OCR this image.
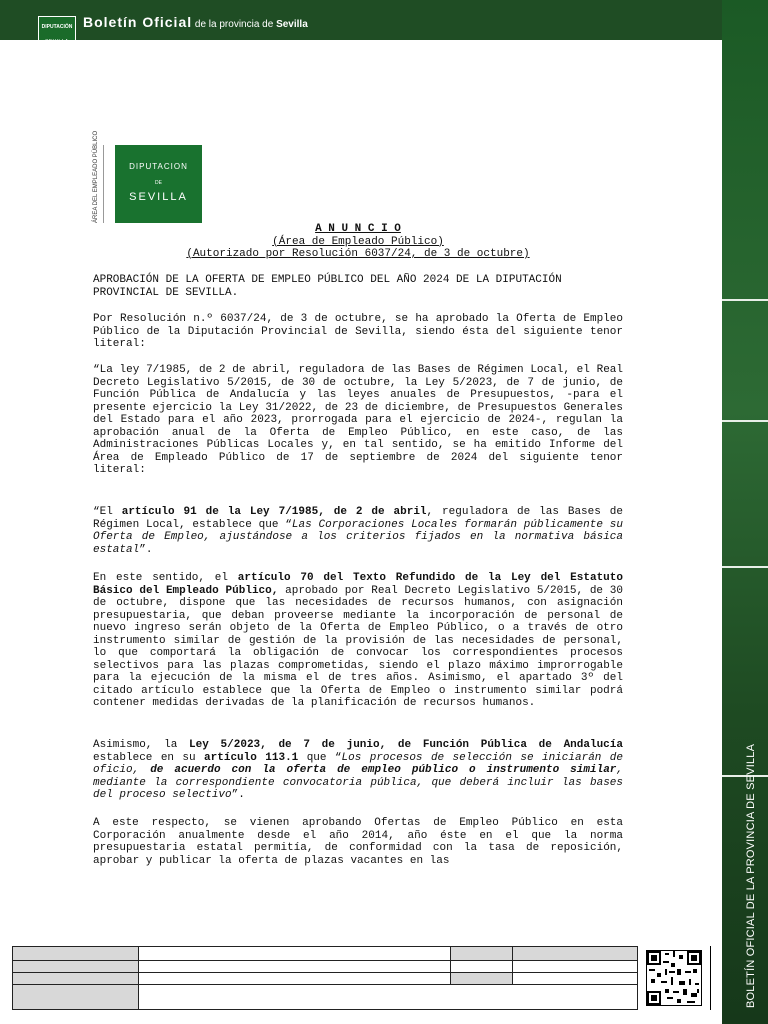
BOLETÍN OFICIAL DE LA PROVINCIA DE SEVILLA
DIPUTACIÓN Boletín Oficial de la provincia de Sevilla
ÁREA DEL EMPLEADO PÚBLICO	DIPUTACION
DE
SEVILLA

A N U N C I O

(Área de Empleado Público)

(Autorizado por Resolución 6037/24, de 3 de octubre)

APROBACIÓN DE LA OFERTA DE EMPLEO PÚBLICO DEL AÑO 2024 DE LA DIPUTACIÓN PROVINCIAL DE SEVILLA.

Por Resolución n.º 6037/24, de 3 de octubre, se ha aprobado la Oferta de Empleo Público de la Diputación Provincial de Sevilla, siendo ésta del siguiente tenor literal:

“La ley 7/1985, de 2 de abril, reguladora de las Bases de Régimen Local, el Real Decreto Legislativo 5/2015, de 30 de octubre, la Ley 5/2023, de 7 de junio, de Función Pública de Andalucía y las leyes anuales de Presupuestos, -para el presente ejercicio la Ley 31/2022, de 23 de diciembre, de Presupuestos Generales del Estado para el año 2023, prorrogada para el ejercicio de 2024-, regulan la aprobación anual de la Oferta de Empleo Público, en este caso, de las Administraciones Públicas Locales y, en tal sentido, se ha emitido Informe del Área de Empleado Público de 17 de septiembre de 2024 del siguiente tenor literal:

“El artículo 91 de la Ley 7/1985, de 2 de abril, reguladora de las Bases de Régimen Local, establece que “Las Corporaciones Locales formarán públicamente su Oferta de Empleo, ajustándose a los criterios fijados en la normativa básica estatal”.

En este sentido, el artículo 70 del Texto Refundido de la Ley del Estatuto Básico del Empleado Público, aprobado por Real Decreto Legislativo 5/2015, de 30 de octubre, dispone que las necesidades de recursos humanos, con asignación presupuestaria, que deban proveerse mediante la incorporación de personal de nuevo ingreso serán objeto de la Oferta de Empleo Público, o a través de otro instrumento similar de gestión de la provisión de las necesidades de personal, lo que comportará la obligación de convocar los correspondientes procesos selectivos para las plazas comprometidas, siendo el plazo máximo improrrogable para la ejecución de la misma el de tres años. Asimismo, el apartado 3º del citado artículo establece que la Oferta de Empleo o instrumento similar podrá contener medidas derivadas de la planificación de recursos humanos.

Asimismo, la Ley 5/2023, de 7 de junio, de Función Pública de Andalucía establece en su artículo 113.1 que “Los procesos de selección se iniciarán de oficio, de acuerdo con la oferta de empleo público o instrumento similar, mediante la correspondiente convocatoria pública, que deberá incluir las bases del proceso selectivo”.

A este respecto, se vienen aprobando Ofertas de Empleo Público en esta Corporación anualmente desde el año 2014, año éste en el que la norma presupuestaria estatal permitía, de conformidad con la tasa de reposición, aprobar y publicar la oferta de plazas vacantes en las
